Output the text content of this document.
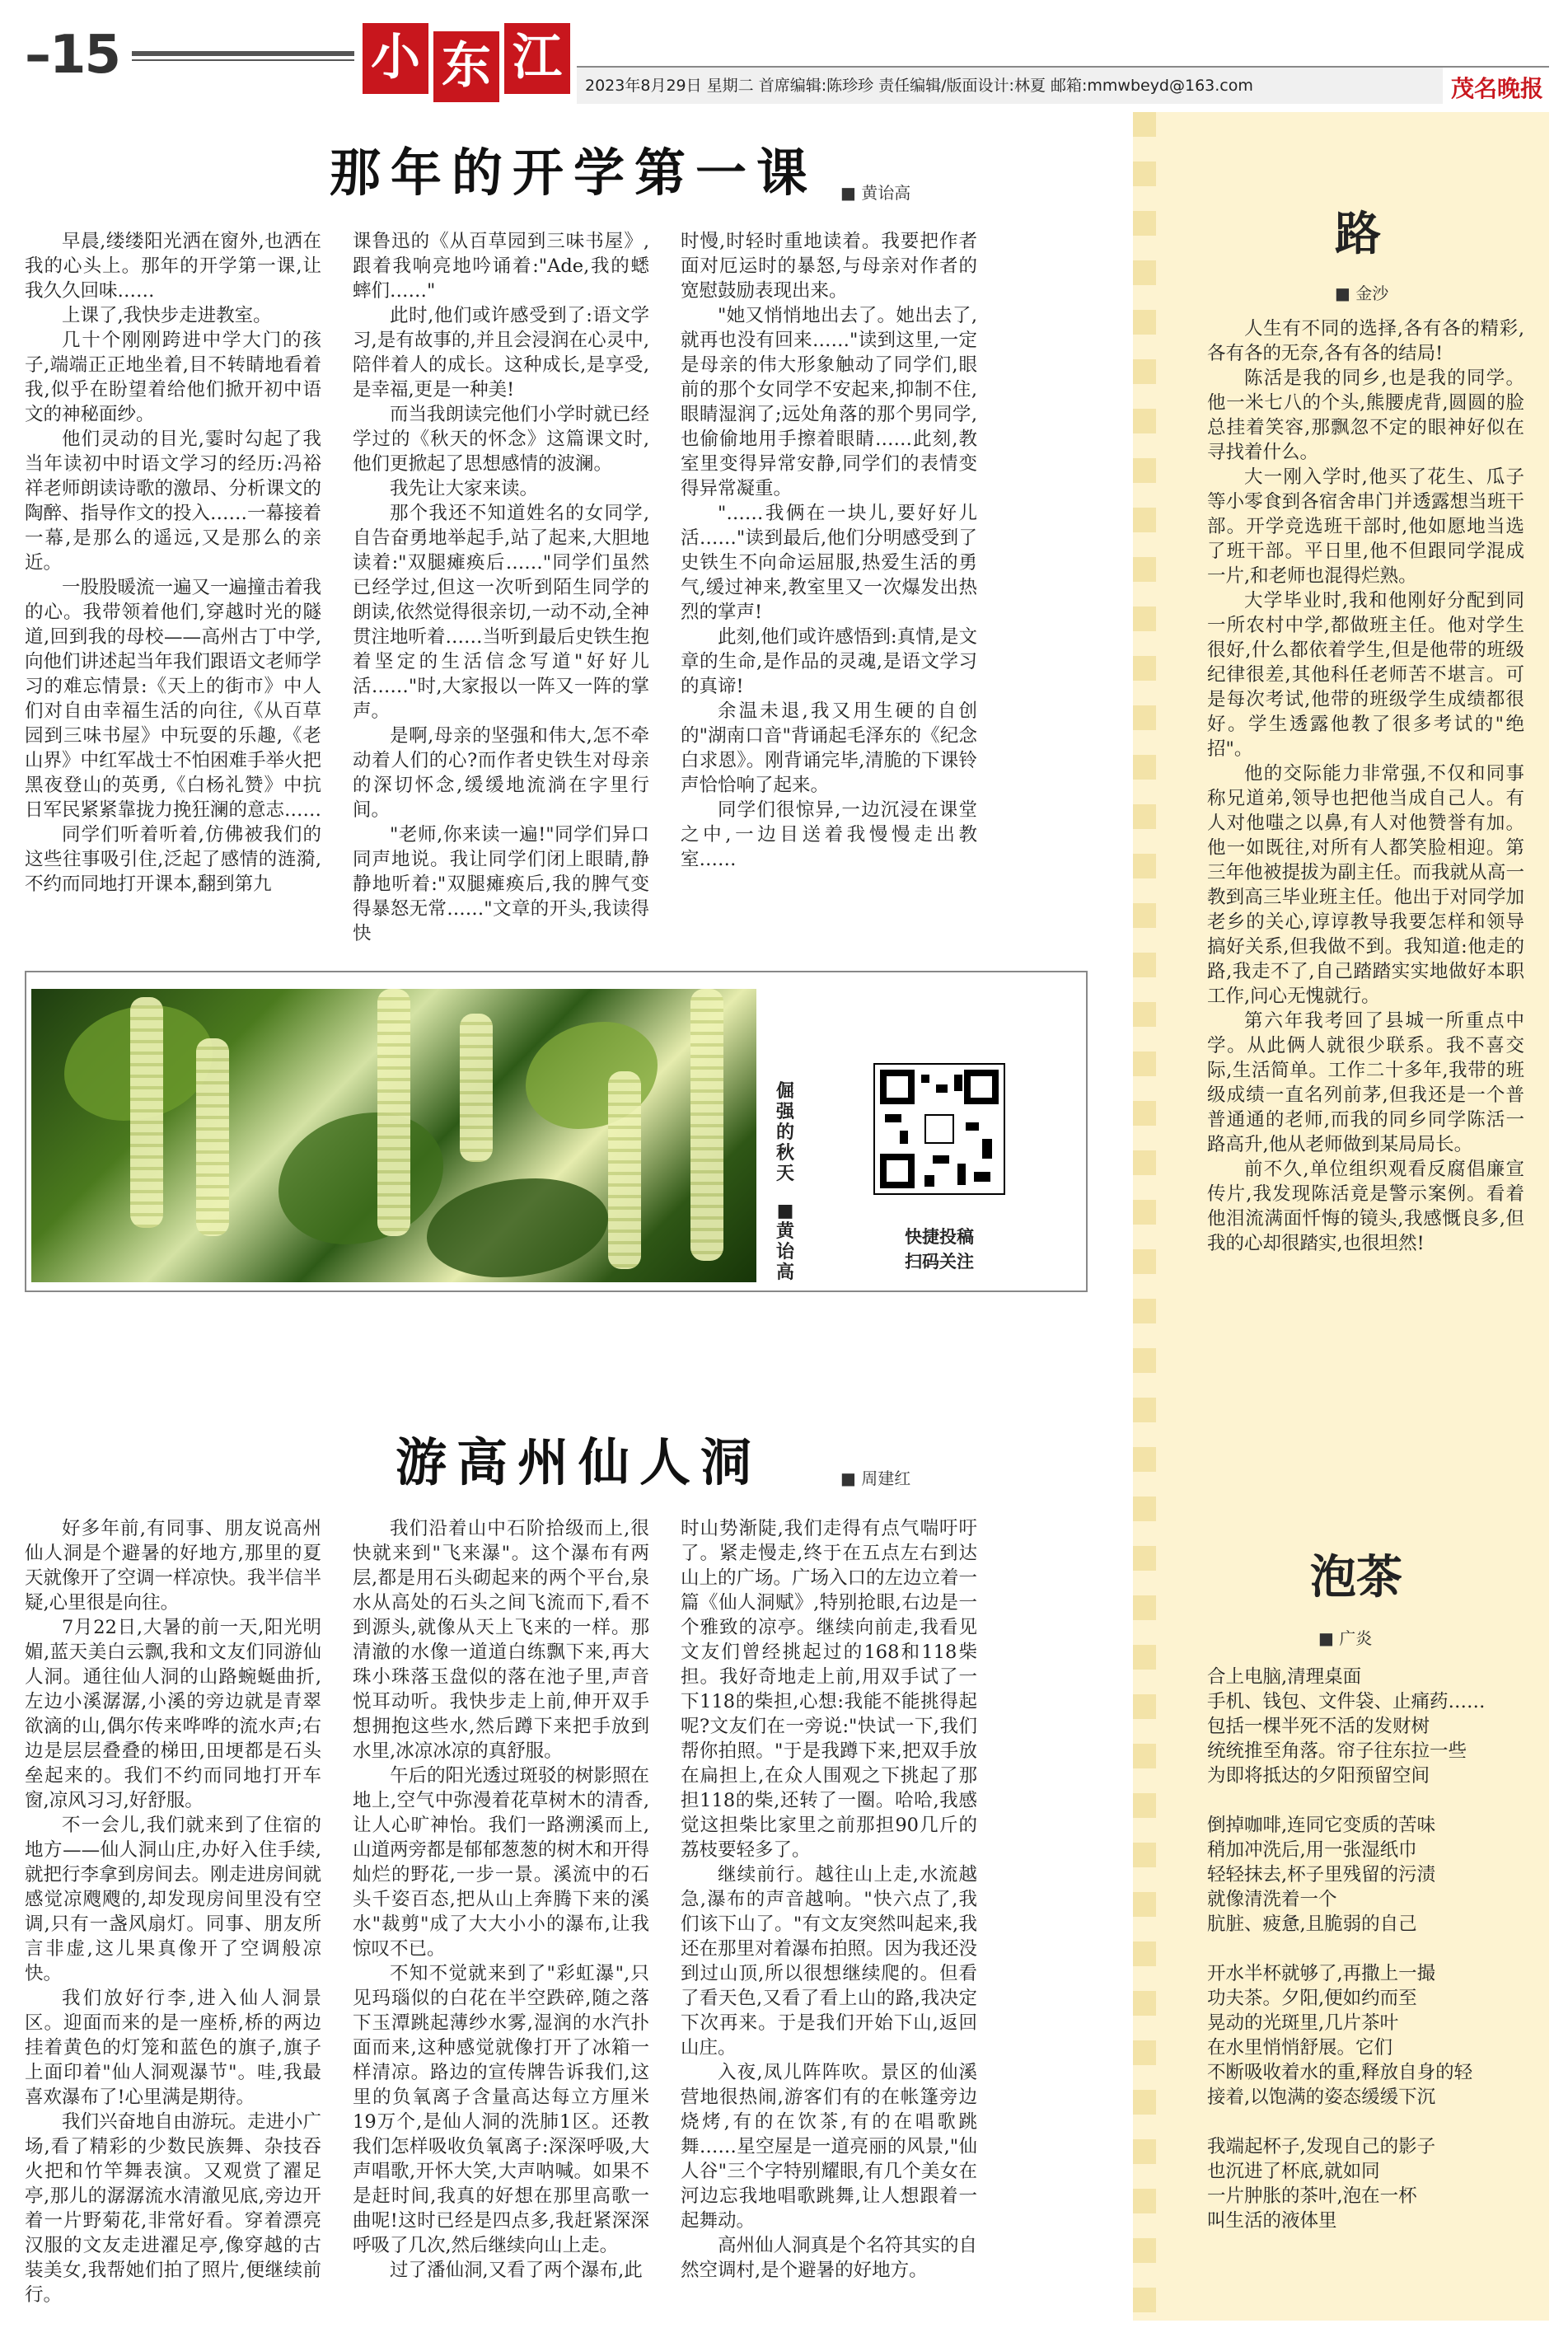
–15	小 东 江	2023年8月29日 星期二 首席编辑:陈珍珍 责任编辑/版面设计:林夏 邮箱:mmwbeyd@163.com	茂名晚报
那年的开学第一课 ■ 黄诒高

早晨,缕缕阳光洒在窗外,也洒在我的心头上。那年的开学第一课,让我久久回味……

上课了,我快步走进教室。

几十个刚刚跨进中学大门的孩子,端端正正地坐着,目不转睛地看着我,似乎在盼望着给他们掀开初中语文的神秘面纱。

他们灵动的目光,霎时勾起了我当年读初中时语文学习的经历:冯裕祥老师朗读诗歌的激昂、分析课文的陶醉、指导作文的投入……一幕接着一幕,是那么的遥远,又是那么的亲近。

一股股暖流一遍又一遍撞击着我的心。我带领着他们,穿越时光的隧道,回到我的母校——高州古丁中学,向他们讲述起当年我们跟语文老师学习的难忘情景:《天上的街市》中人们对自由幸福生活的向往,《从百草园到三味书屋》中玩耍的乐趣,《老山界》中红军战士不怕困难手举火把黑夜登山的英勇,《白杨礼赞》中抗日军民紧紧靠拢力挽狂澜的意志……

同学们听着听着,仿佛被我们的这些往事吸引住,泛起了感情的涟漪,不约而同地打开课本,翻到第九

课鲁迅的《从百草园到三味书屋》,跟着我响亮地吟诵着:"Ade,我的蟋蟀们……"

此时,他们或许感受到了:语文学习,是有故事的,并且会浸润在心灵中,陪伴着人的成长。这种成长,是享受,是幸福,更是一种美!

而当我朗读完他们小学时就已经学过的《秋天的怀念》这篇课文时,他们更掀起了思想感情的波澜。

我先让大家来读。

那个我还不知道姓名的女同学,自告奋勇地举起手,站了起来,大胆地读着:"双腿瘫痪后……"同学们虽然已经学过,但这一次听到陌生同学的朗读,依然觉得很亲切,一动不动,全神贯注地听着……当听到最后史铁生抱着坚定的生活信念写道"好好儿活……"时,大家报以一阵又一阵的掌声。

是啊,母亲的坚强和伟大,怎不牵动着人们的心?而作者史铁生对母亲的深切怀念,缓缓地流淌在字里行间。

"老师,你来读一遍!"同学们异口同声地说。我让同学们闭上眼睛,静静地听着:"双腿瘫痪后,我的脾气变得暴怒无常……"文章的开头,我读得快

时慢,时轻时重地读着。我要把作者面对厄运时的暴怒,与母亲对作者的宽慰鼓励表现出来。

"她又悄悄地出去了。她出去了,就再也没有回来……"读到这里,一定是母亲的伟大形象触动了同学们,眼前的那个女同学不安起来,抑制不住,眼睛湿润了;远处角落的那个男同学,也偷偷地用手擦着眼睛……此刻,教室里变得异常安静,同学们的表情变得异常凝重。

"……我俩在一块儿,要好好儿活……"读到最后,他们分明感受到了史铁生不向命运屈服,热爱生活的勇气,缓过神来,教室里又一次爆发出热烈的掌声!

此刻,他们或许感悟到:真情,是文章的生命,是作品的灵魂,是语文学习的真谛!

余温未退,我又用生硬的自创的"湖南口音"背诵起毛泽东的《纪念白求恩》。刚背诵完毕,清脆的下课铃声恰恰响了起来。

同学们很惊异,一边沉浸在课堂之中,一边目送着我慢慢走出教室……

倔强的秋天
■ 黄诒高
快捷投稿
扫码关注
游高州仙人洞	■ 周建红

好多年前,有同事、朋友说高州仙人洞是个避暑的好地方,那里的夏天就像开了空调一样凉快。我半信半疑,心里很是向往。

7月22日,大暑的前一天,阳光明媚,蓝天美白云飘,我和文友们同游仙人洞。通往仙人洞的山路蜿蜒曲折,左边小溪潺潺,小溪的旁边就是青翠欲滴的山,偶尔传来哗哗的流水声;右边是层层叠叠的梯田,田埂都是石头垒起来的。我们不约而同地打开车窗,凉风习习,好舒服。

不一会儿,我们就来到了住宿的地方——仙人洞山庄,办好入住手续,就把行李拿到房间去。刚走进房间就感觉凉飕飕的,却发现房间里没有空调,只有一盏风扇灯。同事、朋友所言非虚,这儿果真像开了空调般凉快。

我们放好行李,进入仙人洞景区。迎面而来的是一座桥,桥的两边挂着黄色的灯笼和蓝色的旗子,旗子上面印着"仙人洞观瀑节"。哇,我最喜欢瀑布了!心里满是期待。

我们兴奋地自由游玩。走进小广场,看了精彩的少数民族舞、杂技吞火把和竹竿舞表演。又观赏了濯足亭,那儿的潺潺流水清澈见底,旁边开着一片野菊花,非常好看。穿着漂亮汉服的文友走进濯足亭,像穿越的古装美女,我帮她们拍了照片,便继续前行。

我们沿着山中石阶拾级而上,很快就来到"飞来瀑"。这个瀑布有两层,都是用石头砌起来的两个平台,泉水从高处的石头之间飞流而下,看不到源头,就像从天上飞来的一样。那清澈的水像一道道白练飘下来,再大珠小珠落玉盘似的落在池子里,声音悦耳动听。我快步走上前,伸开双手想拥抱这些水,然后蹲下来把手放到水里,冰凉冰凉的真舒服。

午后的阳光透过斑驳的树影照在地上,空气中弥漫着花草树木的清香,让人心旷神怡。我们一路溯溪而上,山道两旁都是郁郁葱葱的树木和开得灿烂的野花,一步一景。溪流中的石头千姿百态,把从山上奔腾下来的溪水"裁剪"成了大大小小的瀑布,让我惊叹不已。

不知不觉就来到了"彩虹瀑",只见玛瑙似的白花在半空跌碎,随之落下玉潭跳起薄纱水雾,湿润的水汽扑面而来,这种感觉就像打开了冰箱一样清凉。路边的宣传牌告诉我们,这里的负氧离子含量高达每立方厘米19万个,是仙人洞的洗肺1区。还教我们怎样吸收负氧离子:深深呼吸,大声唱歌,开怀大笑,大声呐喊。如果不是赶时间,我真的好想在那里高歌一曲呢!这时已经是四点多,我赶紧深深呼吸了几次,然后继续向山上走。

过了潘仙洞,又看了两个瀑布,此

时山势渐陡,我们走得有点气喘吁吁了。紧走慢走,终于在五点左右到达山上的广场。广场入口的左边立着一篇《仙人洞赋》,特别抢眼,右边是一个雅致的凉亭。继续向前走,我看见文友们曾经挑起过的168和118柴担。我好奇地走上前,用双手试了一下118的柴担,心想:我能不能挑得起呢?文友们在一旁说:"快试一下,我们帮你拍照。"于是我蹲下来,把双手放在扁担上,在众人围观之下挑起了那担118的柴,还转了一圈。哈哈,我感觉这担柴比家里之前那担90几斤的荔枝要轻多了。

继续前行。越往山上走,水流越急,瀑布的声音越响。"快六点了,我们该下山了。"有文友突然叫起来,我还在那里对着瀑布拍照。因为我还没到过山顶,所以很想继续爬的。但看了看天色,又看了看上山的路,我决定下次再来。于是我们开始下山,返回山庄。

入夜,凤儿阵阵吹。景区的仙溪营地很热闹,游客们有的在帐篷旁边烧烤,有的在饮茶,有的在唱歌跳舞……星空屋是一道亮丽的风景,"仙人谷"三个字特别耀眼,有几个美女在河边忘我地唱歌跳舞,让人想跟着一起舞动。

高州仙人洞真是个名符其实的自然空调村,是个避暑的好地方。

路
■ 金沙

人生有不同的选择,各有各的精彩,各有各的无奈,各有各的结局!

陈活是我的同乡,也是我的同学。他一米七八的个头,熊腰虎背,圆圆的脸总挂着笑容,那飘忽不定的眼神好似在寻找着什么。

大一刚入学时,他买了花生、瓜子等小零食到各宿舍串门并透露想当班干部。开学竞选班干部时,他如愿地当选了班干部。平日里,他不但跟同学混成一片,和老师也混得烂熟。

大学毕业时,我和他刚好分配到同一所农村中学,都做班主任。他对学生很好,什么都依着学生,但是他带的班级纪律很差,其他科任老师苦不堪言。可是每次考试,他带的班级学生成绩都很好。学生透露他教了很多考试的"绝招"。

他的交际能力非常强,不仅和同事称兄道弟,领导也把他当成自己人。有人对他嗤之以鼻,有人对他赞誉有加。他一如既往,对所有人都笑脸相迎。第三年他被提拔为副主任。而我就从高一教到高三毕业班主任。他出于对同学加老乡的关心,谆谆教导我要怎样和领导搞好关系,但我做不到。我知道:他走的路,我走不了,自己踏踏实实地做好本职工作,问心无愧就行。

第六年我考回了县城一所重点中学。从此俩人就很少联系。我不喜交际,生活简单。工作二十多年,我带的班级成绩一直名列前茅,但我还是一个普普通通的老师,而我的同乡同学陈活一路高升,他从老师做到某局局长。

前不久,单位组织观看反腐倡廉宣传片,我发现陈活竟是警示案例。看着他泪流满面忏悔的镜头,我感慨良多,但我的心却很踏实,也很坦然!

泡茶
■ 广炎
合上电脑,清理桌面
手机、钱包、文件袋、止痛药……
包括一棵半死不活的发财树
统统推至角落。帘子往东拉一些
为即将抵达的夕阳预留空间
倒掉咖啡,连同它变质的苦味
稍加冲洗后,用一张湿纸巾
轻轻抹去,杯子里残留的污渍
就像清洗着一个
肮脏、疲惫,且脆弱的自己
开水半杯就够了,再撒上一撮
功夫茶。夕阳,便如约而至
晃动的光斑里,几片茶叶
在水里悄悄舒展。它们
不断吸收着水的重,释放自身的轻
接着,以饱满的姿态缓缓下沉
我端起杯子,发现自己的影子
也沉进了杯底,就如同
一片肿胀的茶叶,泡在一杯
叫生活的液体里
